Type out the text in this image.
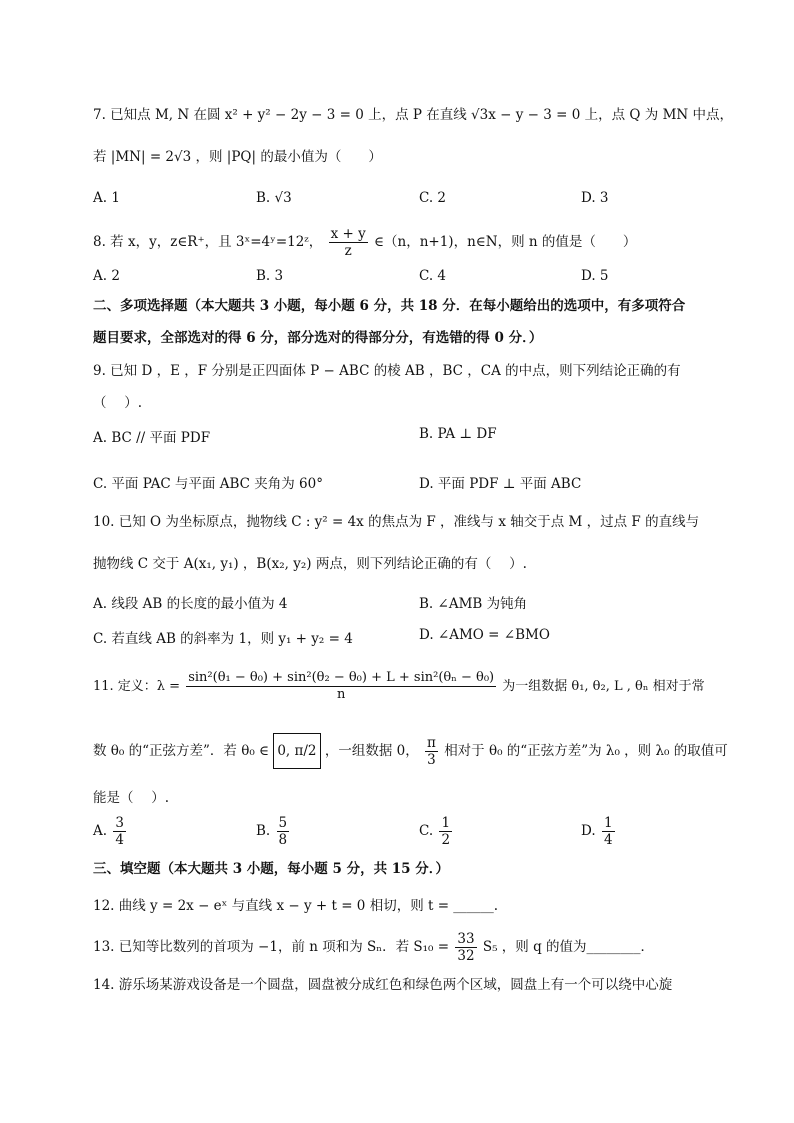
7. 已知点 M, N 在圆 x² + y² − 2y − 3 = 0 上，点 P 在直线 √3x − y − 3 = 0 上，点 Q 为 MN 中点，
若 |MN| = 2√3 ，则 |PQ| 的最小值为（　　）
A. 1	B. √3	C. 2	D. 3
8. 若 x，y，z∈R⁺，且 3ˣ=4ʸ=12ᶻ， $\frac{x + y}{z}$ ∈（n，n+1)，n∈N，则 n 的值是（　　）
A. 2	B. 3	C. 4	D. 5
二、多项选择题（本大题共 3 小题，每小题 6 分，共 18 分．在每小题给出的选项中，有多项符合
题目要求，全部选对的得 6 分，部分选对的得部分分，有选错的得 0 分．）
9. 已知 D ，E ，F 分别是正四面体 P − ABC 的棱 AB ，BC ，CA 的中点，则下列结论正确的有
（　 ）.
A. BC // 平面 PDF	B. PA ⊥ DF
C. 平面 PAC 与平面 ABC 夹角为 60°	D. 平面 PDF ⊥ 平面 ABC
10. 已知 O 为坐标原点，抛物线 C : y² = 4x 的焦点为 F ，准线与 x 轴交于点 M ，过点 F 的直线与
抛物线 C 交于 A(x₁, y₁) ，B(x₂, y₂) 两点，则下列结论正确的有（　 ）.
A. 线段 AB 的长度的最小值为 4	B. ∠AMB 为钝角
C. 若直线 AB 的斜率为 1，则 y₁ + y₂ = 4	D. ∠AMO = ∠BMO
11. 定义：$\lambda = \frac{\text{sin²(θ₁ − θ₀) + sin²(θ₂ − θ₀) + L + sin²(θₙ − θ₀)}}{n}$ 为一组数据 θ₁, θ₂, L , θₙ 相对于常
数 θ₀ 的“正弦方差”．若 θ₀ ∈ 0, π/2 ，一组数据 0， $\frac{\pi}{3}$ 相对于 θ₀ 的“正弦方差”为 λ₀ ，则 λ₀ 的取值可
能是（　 ）.
A. $\frac{3}{4}$	B. $\frac{5}{8}$	C. $\frac{1}{2}$	D. $\frac{1}{4}$
三、填空题（本大题共 3 小题，每小题 5 分，共 15 分．）
12. 曲线 y = 2x − eˣ 与直线 x − y + t = 0 相切，则 t = ______.
13. 已知等比数列的首项为 −1，前 n 项和为 Sₙ．若 $S_{10} = \frac{33}{32} S_5$ ，则 q 的值为________．
14. 游乐场某游戏设备是一个圆盘，圆盘被分成红色和绿色两个区域，圆盘上有一个可以绕中心旋
